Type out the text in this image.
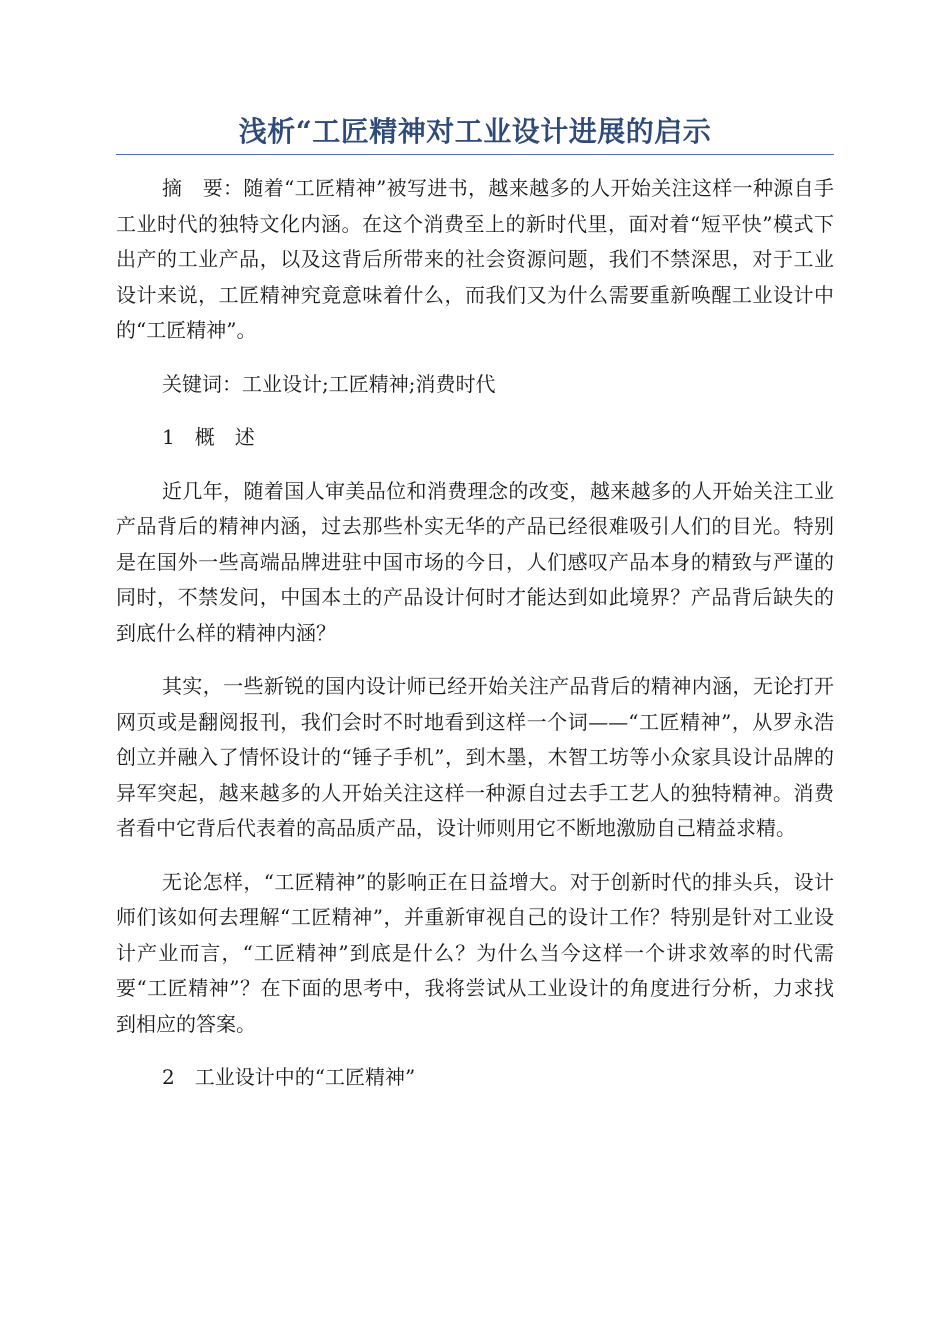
浅析“工匠精神对工业设计进展的启示

摘　要：随着“工匠精神”被写进书，越来越多的人开始关注这样一种源自手工业时代的独特文化内涵。在这个消费至上的新时代里，面对着“短平快”模式下出产的工业产品，以及这背后所带来的社会资源问题，我们不禁深思，对于工业设计来说，工匠精神究竟意味着什么，而我们又为什么需要重新唤醒工业设计中的“工匠精神”。

关键词：工业设计;工匠精神;消费时代

1　概　述

近几年，随着国人审美品位和消费理念的改变，越来越多的人开始关注工业产品背后的精神内涵，过去那些朴实无华的产品已经很难吸引人们的目光。特别是在国外一些高端品牌进驻中国市场的今日，人们感叹产品本身的精致与严谨的同时，不禁发问，中国本土的产品设计何时才能达到如此境界？产品背后缺失的到底什么样的精神内涵？

其实，一些新锐的国内设计师已经开始关注产品背后的精神内涵，无论打开网页或是翻阅报刊，我们会时不时地看到这样一个词——“工匠精神”，从罗永浩创立并融入了情怀设计的“锤子手机”，到木墨，木智工坊等小众家具设计品牌的异军突起，越来越多的人开始关注这样一种源自过去手工艺人的独特精神。消费者看中它背后代表着的高品质产品，设计师则用它不断地激励自己精益求精。

无论怎样，“工匠精神”的影响正在日益增大。对于创新时代的排头兵，设计师们该如何去理解“工匠精神”，并重新审视自己的设计工作？特别是针对工业设计产业而言，“工匠精神”到底是什么？为什么当今这样一个讲求效率的时代需要“工匠精神”？在下面的思考中，我将尝试从工业设计的角度进行分析，力求找到相应的答案。

2　工业设计中的“工匠精神”
